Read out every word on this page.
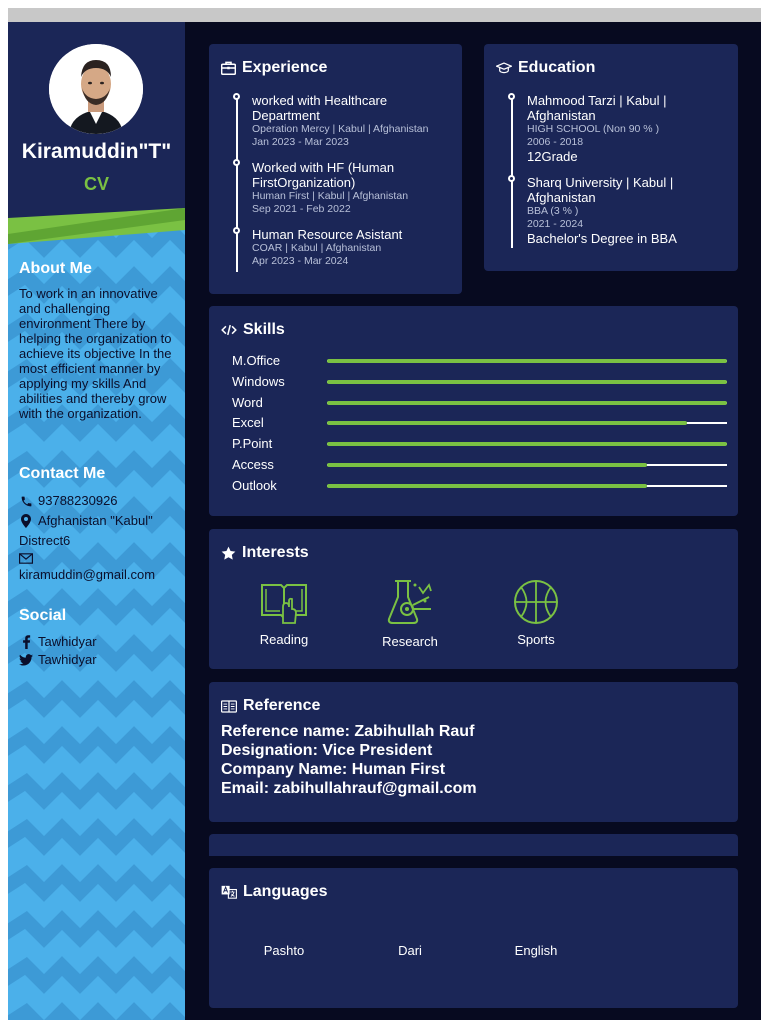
Kiramuddin"T"
CV
About Me
To work in an innovative and challenging environment There by helping the organization to achieve its objective In the most efficient manner by applying my skills And abilities and thereby grow with the organization.
Contact Me
93788230926
Afghanistan "Kabul"
Distrect6
kiramuddin@gmail.com
Social
Tawhidyar
Tawhidyar
Experience
worked with Healthcare
Department
Operation Mercy | Kabul | Afghanistan
Jan 2023 - Mar 2023
Worked with HF (Human
FirstOrganization)
Human First | Kabul | Afghanistan
Sep 2021 - Feb 2022
Human Resource Asistant
COAR | Kabul | Afghanistan
Apr 2023 - Mar 2024
Education
Mahmood Tarzi | Kabul |
Afghanistan
HIGH SCHOOL (Non 90 % )
2006 - 2018
12Grade
Sharq University | Kabul |
Afghanistan
BBA (3 % )
2021 - 2024
Bachelor's Degree in BBA
Skills
M.Office
Windows
Word
Excel
P.Point
Access
Outlook
Interests
Reading	Research	Sports
Reference
Reference name: Zabihullah Rauf
Designation: Vice President
Company Name: Human First
Email: zabihullahrauf@gmail.com
Languages
Pashto	Dari	English
